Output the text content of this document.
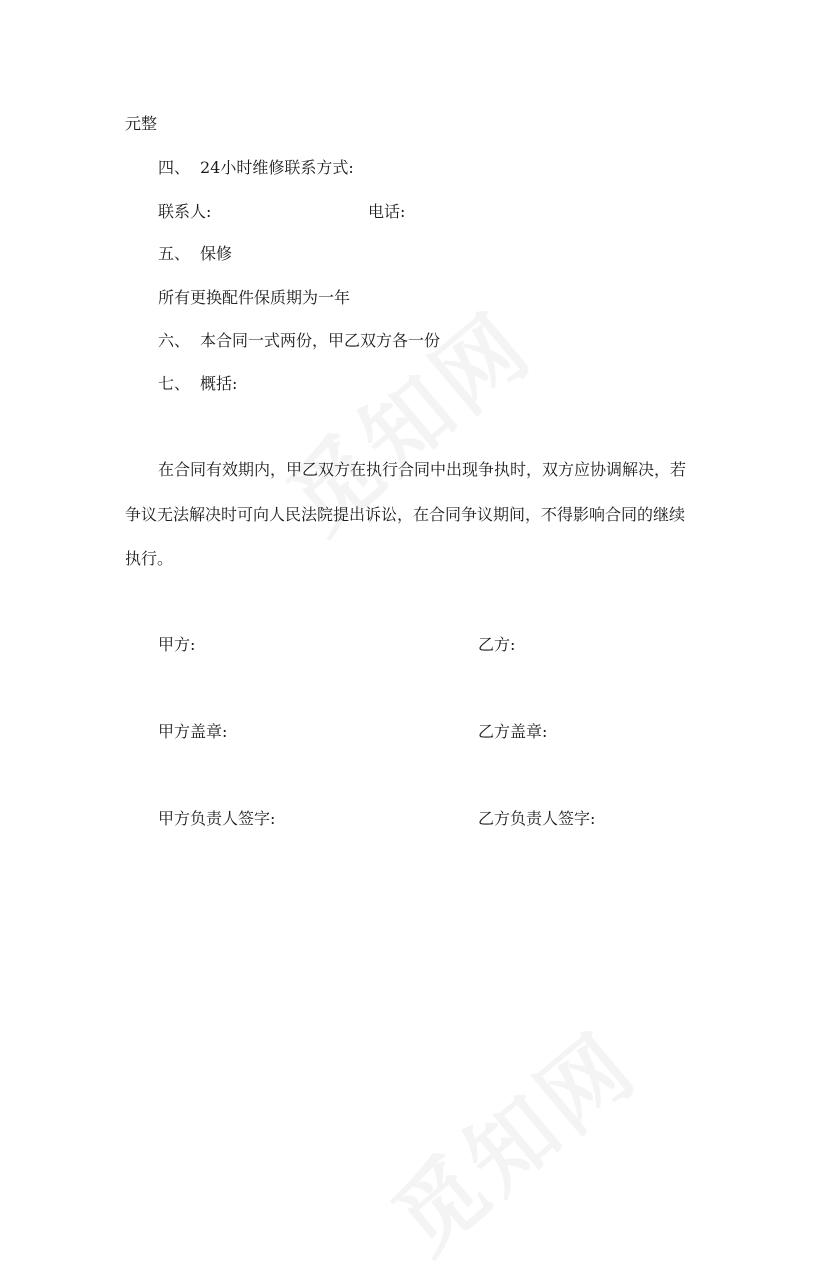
元整
四、 24小时维修联系方式:
联系人:	电话:
五、 保修
所有更换配件保质期为一年
六、 本合同一式两份，甲乙双方各一份
七、 概括:
在合同有效期内，甲乙双方在执行合同中出现争执时，双方应协调解决，若
争议无法解决时可向人民法院提出诉讼，在合同争议期间，不得影响合同的继续
执行。
甲方:	乙方:
甲方盖章:	乙方盖章:
甲方负责人签字:	乙方负责人签字:
